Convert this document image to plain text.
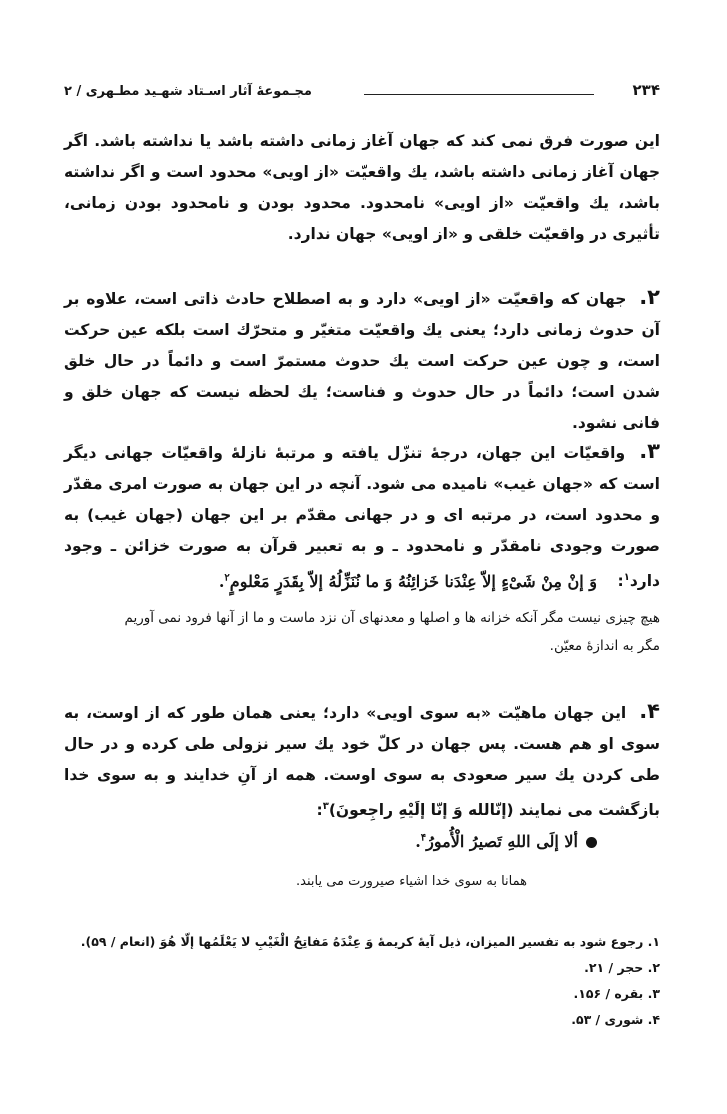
مجـموعهٔ آثار اسـتاد شهـید مطـهری / ۲	۲۳۴

این صورت فرق نمی کند که جهان آغاز زمانی داشته باشد یا نداشته باشد. اگر جهان آغاز زمانی داشته باشد، یك واقعیّت «از اویی» محدود است و اگر نداشته باشد، یك واقعیّت «از اویی» نامحدود. محدود بودن و نامحدود بودن زمانی، تأثیری در واقعیّت خلقی و «از اویی» جهان ندارد.

۲. جهان که واقعیّت «از اویی» دارد و به اصطلاح حادث ذاتی است، علاوه بر آن حدوث زمانی دارد؛ یعنی یك واقعیّت متغیّر و متحرّك است بلکه عین حرکت است، و چون عین حرکت است یك حدوث مستمرّ است و دائماً در حال خلق شدن است؛ دائماً در حال حدوث و فناست؛ یك لحظه نیست که جهان خلق و فانی نشود.

۳. واقعیّات این جهان، درجهٔ تنزّل یافته و مرتبهٔ نازلهٔ واقعیّات جهانی دیگر است که «جهان غیب» نامیده می شود. آنچه در این جهان به صورت امری مقدّر و محدود است، در مرتبه ای و در جهانی مقدّم بر این جهان (جهان غیب) به صورت وجودی نامقدّر و نامحدود ـ و به تعبیر قرآن به صورت خزائن ـ وجود دارد$^۱$:

وَ إنْ مِنْ شَیْءٍ إلاّ عِنْدَنا خَزائِنُهُ وَ ما نُنَزِّلُهُ إلاّ بِقَدَرٍ مَعْلومٍ$^۲$.

هیچ چیزی نیست مگر آنکه خزانه ها و اصلها و معدنهای آن نزد ماست و ما از آنها فرود نمی آوریم مگر به اندازهٔ معیّن.

۴. این جهان ماهیّت «به سوی اویی» دارد؛ یعنی همان طور که از اوست، به سوی او هم هست. پس جهان در کلّ خود یك سیر نزولی طی کرده و در حال طی کردن یك سیر صعودی به سوی اوست. همه از آنِ خدایند و به سوی خدا بازگشت می نمایند (إنّالله وَ إنّا إلَیْهِ راجِعونَ)$^۳$:

ألا إلَی اللهِ تَصیرُ الْأُمورُ$^۴$.
همانا به سوی خدا اشیاء صیرورت می یابند.

۱. رجوع شود به تفسیر المیزان، ذیل آیهٔ کریمهٔ وَ عِنْدَهُ مَفاتِحُ الْغَیْبِ لا یَعْلَمُها إلّا هُوَ (انعام / ۵۹).

۲. حجر / ۲۱.

۳. بقره / ۱۵۶.

۴. شوری / ۵۳.
